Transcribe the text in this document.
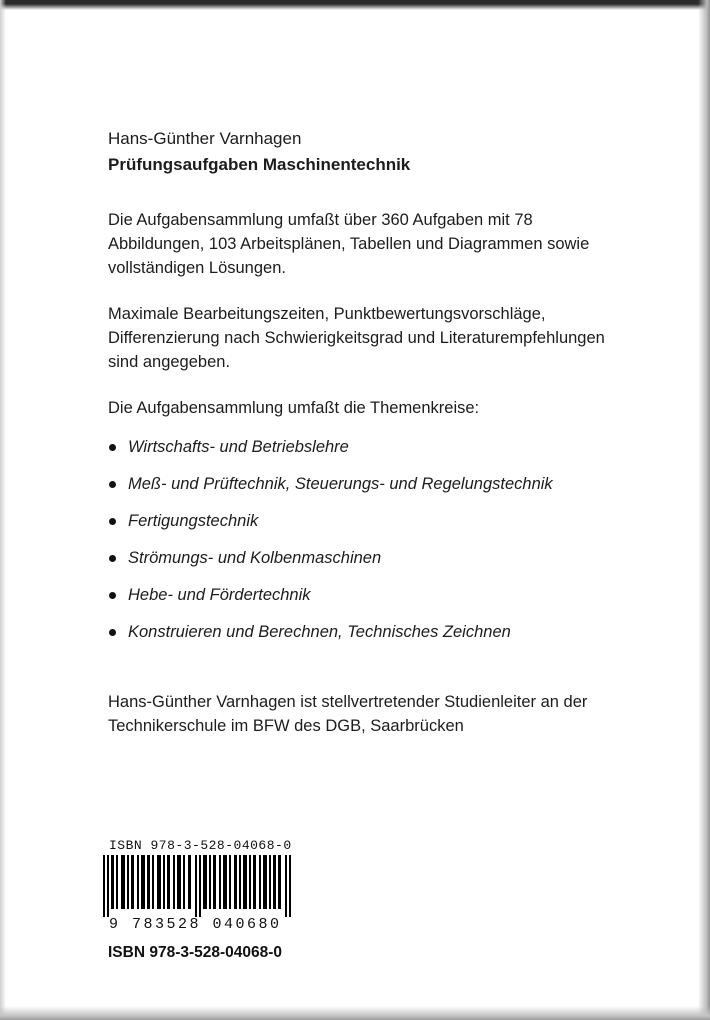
Hans-Günther Varnhagen
Prüfungsaufgaben Maschinentechnik

Die Aufgabensammlung umfaßt über 360 Aufgaben mit 78 Abbildungen, 103 Arbeitsplänen, Tabellen und Diagrammen sowie vollständigen Lösungen.

Maximale Bearbeitungszeiten, Punktbewertungsvorschläge, Differenzierung nach Schwierigkeitsgrad und Literaturempfehlungen sind angegeben.

Die Aufgabensammlung umfaßt die Themenkreise:

Wirtschafts- und Betriebslehre
Meß- und Prüftechnik, Steuerungs- und Regelungstechnik
Fertigungstechnik
Strömungs- und Kolbenmaschinen
Hebe- und Fördertechnik
Konstruieren und Berechnen, Technisches Zeichnen

Hans-Günther Varnhagen ist stellvertretender Studienleiter an der Technikerschule im BFW des DGB, Saarbrücken

ISBN 978-3-528-04068-0
9 783528 040680
ISBN 978-3-528-04068-0
